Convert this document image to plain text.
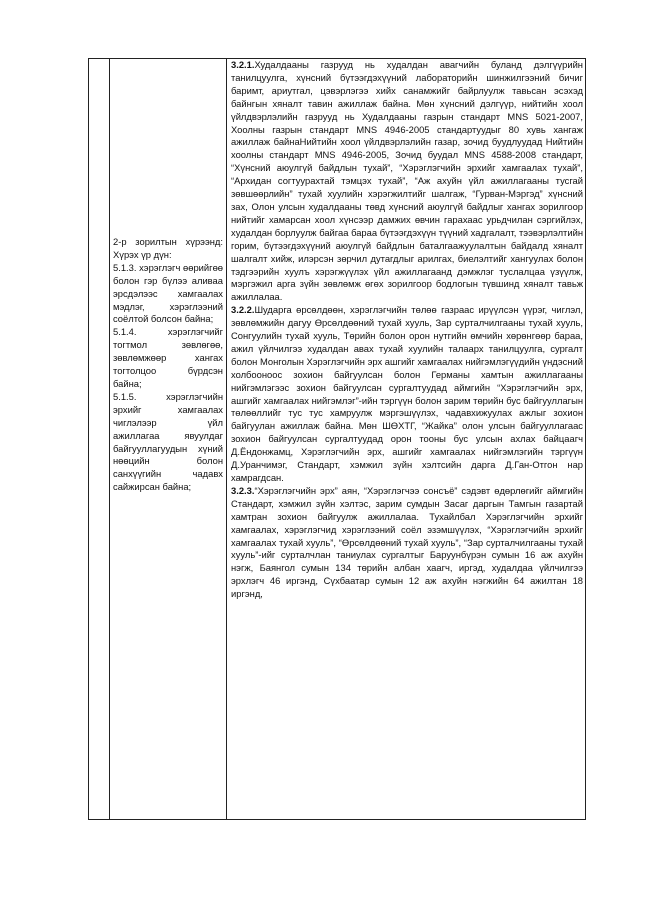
2-р зорилтын хүрээнд:

Хүрэх үр дүн:

5.1.3. хэрэглэгч өөрийгөө болон гэр бүлээ аливаа эрсдэлээс хамгаалах мэдлэг, хэрэглээний соёлтой болсон байна;

5.1.4. хэрэглэгчийг тогтмол зөвлөгөө, зөвлөмжөөр хангах тогтолцоо бүрдсэн байна;

5.1.5. хэрэглэгчийн эрхийг хамгаалах чиглэлээр үйл ажиллагаа явуулдаг байгууллагуудын хүний нөөцийн болон санхүүгийн чадавх сайжирсан байна;

3.2.1.Худалдааны газрууд нь худалдан авагчийн буланд дэлгүүрийн танилцуулга, хүнсний бүтээгдэхүүний лабораторийн шинжилгээний бичиг баримт, ариутгал, цэвэрлэгээ хийх санамжийг байрлуулж тавьсан эсэхэд байнгын хяналт тавин ажиллаж байна. Мөн хүнсний дэлгүүр, нийтийн хоол үйлдвэрлэлийн газрууд нь Худалдааны газрын стандарт MNS 5021-2007, Хоолны газрын стандарт MNS 4946-2005 стандартуудыг 80 хувь хангаж ажиллаж байнаНийтийн хоол үйлдвэрлэлийн газар, зочид буудлуудад Нийтийн хоолны стандарт MNS 4946-2005, Зочид буудал MNS 4588-2008 стандарт, “Хүнсний аюулгүй байдлын тухай”, “Хэрэглэгчийн эрхийг хамгаалах тухай”, “Архидан согтуурахтай тэмцэх тухай”, “Аж ахуйн үйл ажиллагааны тусгай зөвшөөрлийн” тухай хуулийн хэрэгжилтийг шалгаж, “Гурван-Мэргэд” хүнсний зах, Олон улсын худалдааны төвд хүнсний аюулгүй байдлыг хангах зорилгоор нийтийг хамарсан хоол хүнсээр дамжих өвчин гарахаас урьдчилан сэргийлэх, худалдан борлуулж байгаа бараа бүтээгдэхүүн түүний хадгалалт, тээвэрлэлтийн горим, бүтээгдэхүүний аюулгүй байдлын баталгаажуулалтын байдалд хяналт шалгалт хийж, илэрсэн зөрчил дутагдлыг арилгах, биелэлтийг хангуулах болон тэдгээрийн хуулъ хэрэгжүүлэх үйл ажиллагаанд дэмжлэг туслалцаа үзүүлж, мэргэжил арга зүйн зөвлөмж өгөх зорилгоор бодлогын түвшинд хяналт тавьж ажиллалаа.

3.2.2.Шударга өрсөлдөөн, хэрэглэгчийн төлөө газраас ирүүлсэн үүрэг, чиглэл, зөвлөмжийн дагуу Өрсөлдөөний тухай хууль, Зар сурталчилгааны тухай хууль, Сонгуулийн тухай хууль, Төрийн болон орон нутгийн өмчийн хөрөнгөөр бараа, ажил үйлчилгээ худалдан авах тухай хуулийн талаарх танилцуулга, сургалт болон Монголын Хэрэглэгчийн эрх ашгийг хамгаалах нийгэмлэгүүдийн үндэсний холбооноос зохион байгуулсан болон Германы хамтын ажиллагааны нийгэмлэгээс зохион байгуулсан сургалтуудад аймгийн “Хэрэглэгчийн эрх, ашгийг хамгаалах нийгэмлэг”-ийн тэргүүн болон зарим төрийн бус байгууллагын төлөөллийг тус тус хамруулж мэргэшүүлэх, чадавхижуулах ажлыг зохион байгуулан ажиллаж байна. Мөн ШӨХТГ, “Жайка” олон улсын байгууллагаас зохион байгуулсан сургалтуудад орон тооны бус улсын ахлах байцаагч Д.Ёндонжамц, Хэрэглэгчийн эрх, ашгийг хамгаалах нийгэмлэгийн тэргүүн Д.Уранчимэг, Стандарт, хэмжил зүйн хэлтсийн дарга Д.Ган-Отгон нар хамрагдсан.

3.2.3.“Хэрэглэгчийн эрх” аян, “Хэрэглэгчээ сонсъё” сэдэвт өдөрлөгийг аймгийн Стандарт, хэмжил зүйн хэлтэс, зарим сумдын Засаг даргын Тамгын газартай хамтран зохион байгуулж ажиллалаа. Тухайлбал Хэрэглэгчийн эрхийг хамгаалах, хэрэглэгчид хэрэглээний соёл эзэмшүүлэх, “Хэрэглэгчийн эрхийг хамгаалах тухай хууль”, “Өрсөлдөөний тухай хууль”, “Зар сурталчилгааны тухай хууль”-ийг сурталчлан таниулах сургалтыг Баруунбүрэн сумын 16 аж ахуйн нэгж, Баянгол сумын 134 төрийн албан хаагч, иргэд, худалдаа үйлчилгээ эрхлэгч 46 иргэнд, Сүхбаатар сумын 12 аж ахуйн нэгжийн 64 ажилтан 18 иргэнд,
